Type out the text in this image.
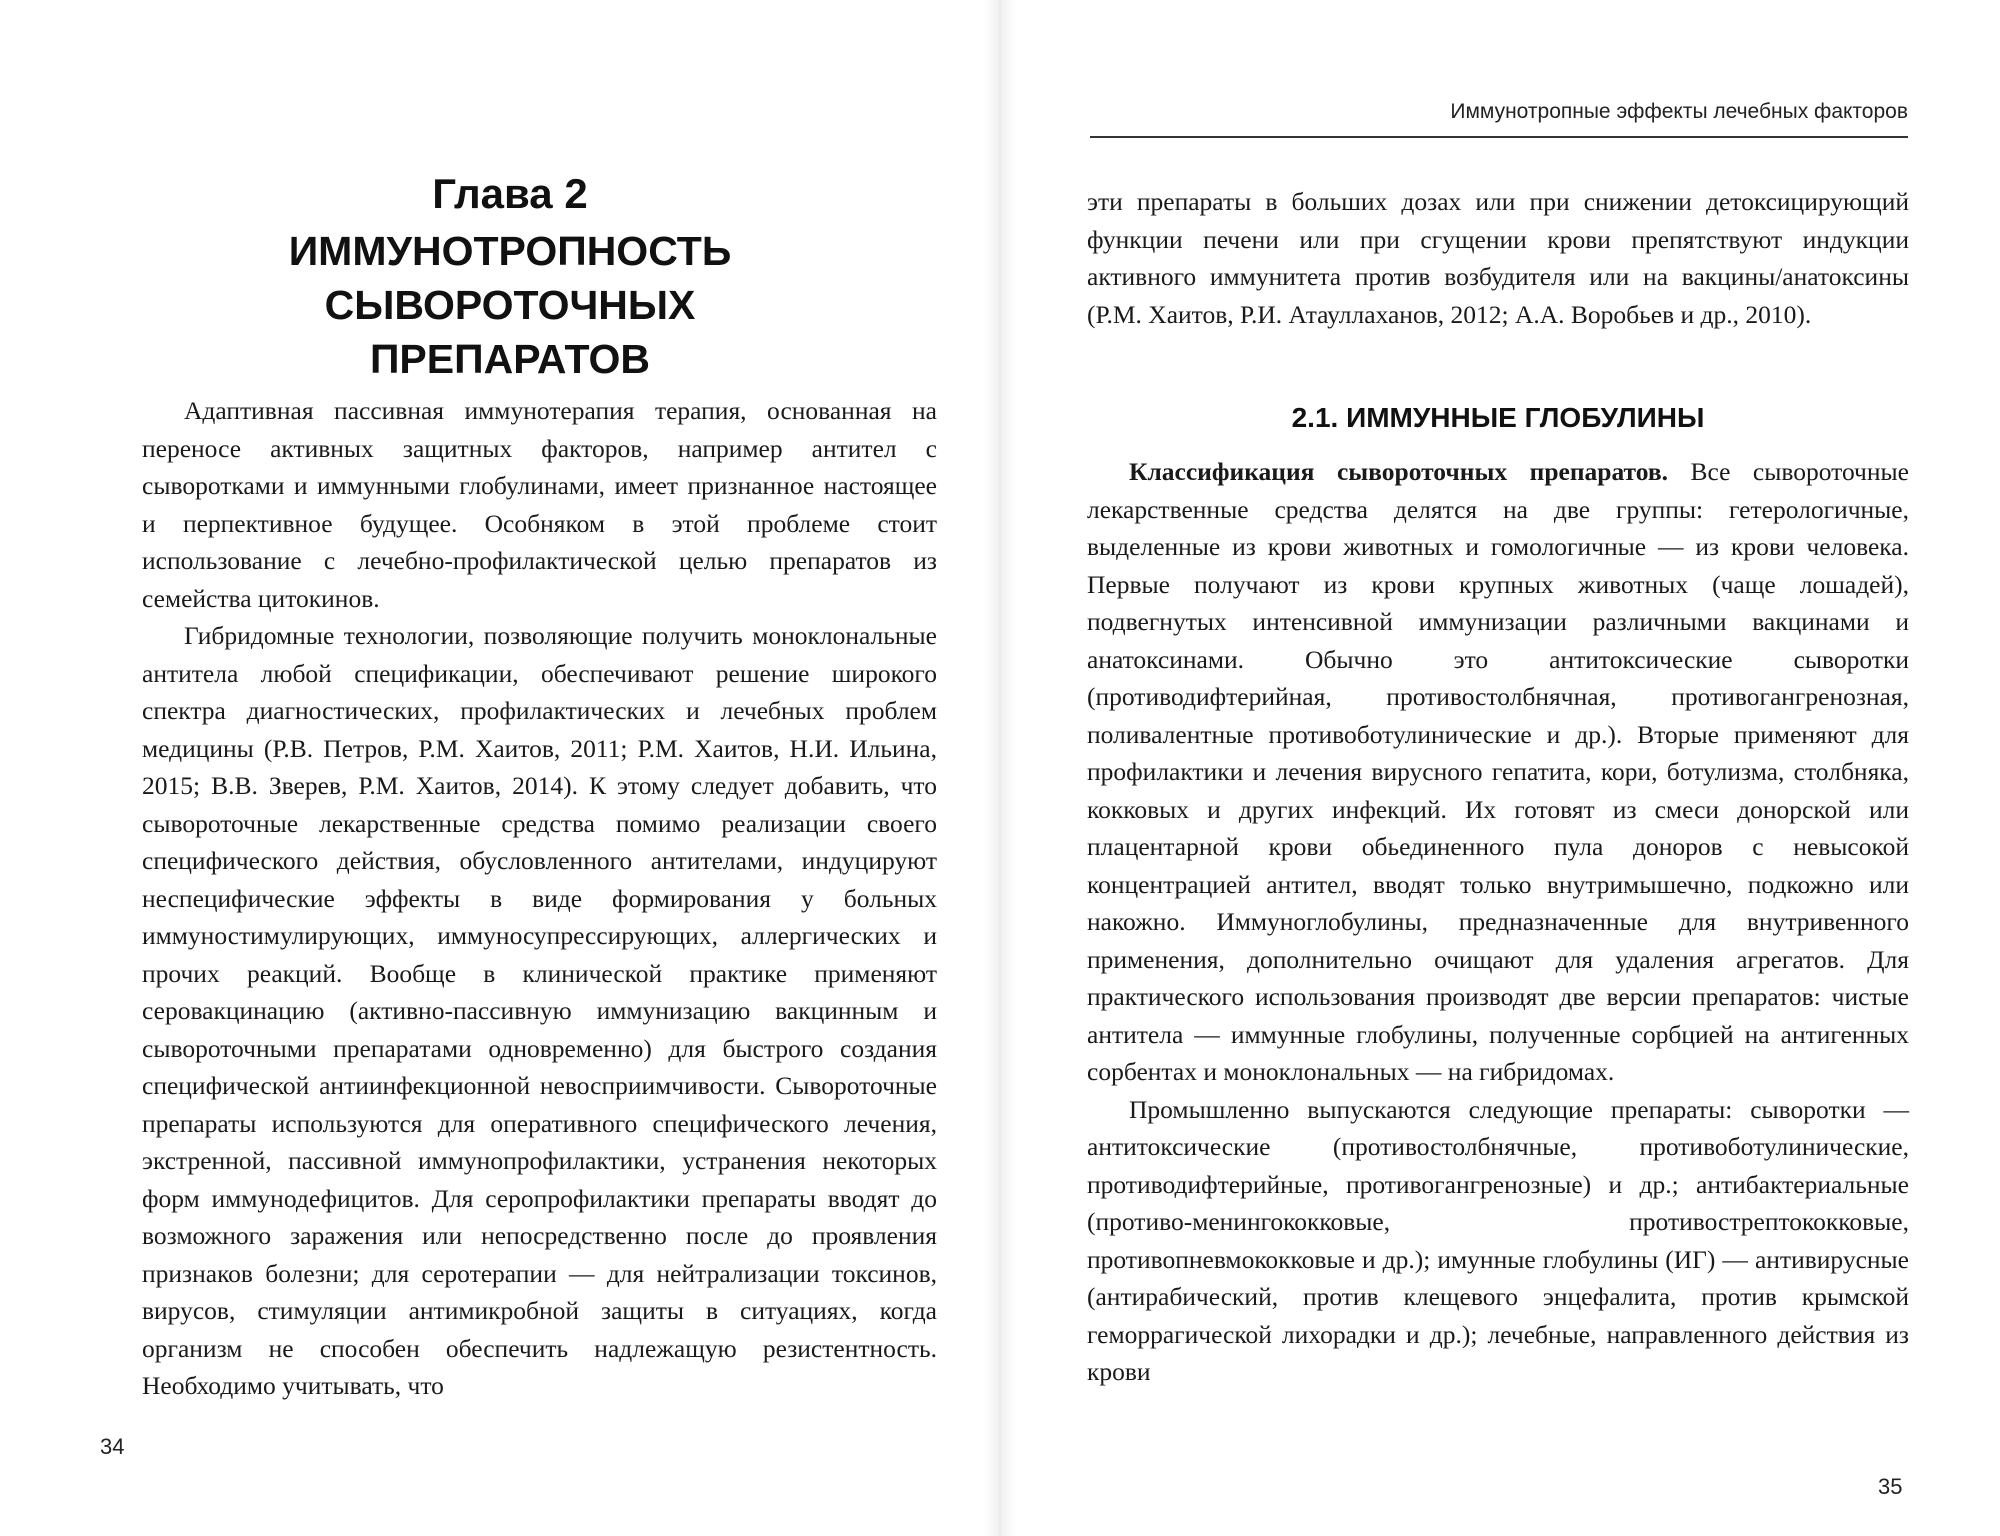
Глава 2
ИММУНОТРОПНОСТЬ СЫВОРОТОЧНЫХ
ПРЕПАРАТОВ

Адаптивная пассивная иммунотерапия терапия, основанная на переносе активных защитных факторов, например антител с сыворотками и иммунными глобулинами, имеет признанное настоящее и перпективное будущее. Особняком в этой проблеме стоит использование с лечебно-профилактической целью препаратов из семейства цитокинов.

Гибридомные технологии, позволяющие получить моноклональные антитела любой спецификации, обеспечивают решение широкого спектра диагностических, профилактических и лечебных проблем медицины (Р.В. Петров, Р.М. Хаитов, 2011; Р.М. Хаитов, Н.И. Ильина, 2015; В.В. Зверев, Р.М. Хаитов, 2014). К этому следует добавить, что сывороточные лекарственные средства помимо реализации своего специфического действия, обусловленного антителами, индуцируют неспецифические эффекты в виде формирования у больных иммуностимулирующих, иммуносупрессирующих, аллергических и прочих реакций. Вообще в клинической практике применяют серовакцинацию (активно-пассивную иммунизацию вакцинным и сывороточными препаратами одновременно) для быстрого создания специфической антиинфекционной невосприимчивости. Сывороточные препараты используются для оперативного специфического лечения, экстренной, пассивной иммунопрофилактики, устранения некоторых форм иммунодефицитов. Для серопрофилактики препараты вводят до возможного заражения или непосредственно после до проявления признаков болезни; для серотерапии — для нейтрализации токсинов, вирусов, стимуляции антимикробной защиты в ситуациях, когда организм не способен обеспечить надлежащую резистентность. Необходимо учитывать, что

34
Иммунотропные эффекты лечебных факторов

эти препараты в больших дозах или при снижении детоксицирующий функции печени или при сгущении крови препятствуют индукции активного иммунитета против возбудителя или на вакцины/анатоксины (Р.М. Хаитов, Р.И. Атауллаханов, 2012; А.А. Воробьев и др., 2010).

2.1. ИММУННЫЕ ГЛОБУЛИНЫ

Классификация сывороточных препаратов. Все сывороточные лекарственные средства делятся на две группы: гетерологичные, выделенные из крови животных и гомологичные — из крови человека. Первые получают из крови крупных животных (чаще лошадей), подвегнутых интенсивной иммунизации различными вакцинами и анатоксинами. Обычно это антитоксические сыворотки (противодифтерийная, противостолбнячная, противогангренозная, поливалентные противоботулинические и др.). Вторые применяют для профилактики и лечения вирусного гепатита, кори, ботулизма, столбняка, кокковых и других инфекций. Их готовят из смеси донорской или плацентарной крови обьединенного пула доноров с невысокой концентрацией антител, вводят только внутримышечно, подкожно или накожно. Иммуноглобулины, предназначенные для внутривенного применения, дополнительно очищают для удаления агрегатов. Для практического использования производят две версии препаратов: чистые антитела — иммунные глобулины, полученные сорбцией на антигенных сорбентах и моноклональных — на гибридомах.

Промышленно выпускаются следующие препараты: сыворотки — антитоксические (противостолбнячные, противоботулинические, противодифтерийные, противогангренозные) и др.; антибактериальные (противо-менингококковые, противострептококковые, противопневмококковые и др.); имунные глобулины (ИГ) — антивирусные (антирабический, против клещевого энцефалита, против крымской геморрагической лихорадки и др.); лечебные, направленного действия из крови

35
